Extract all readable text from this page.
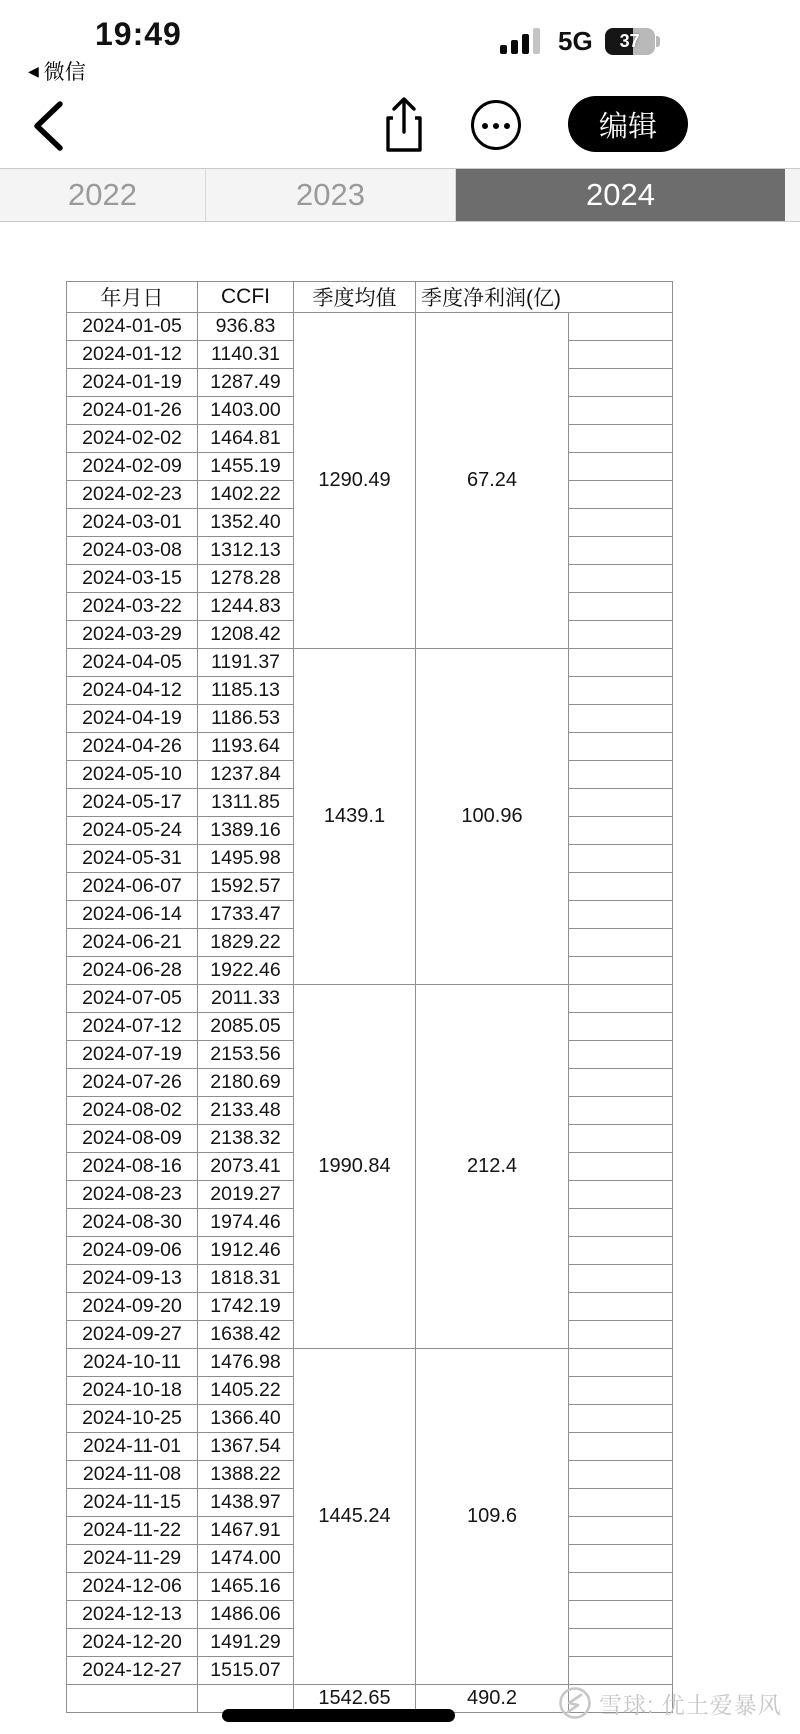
19:49	5G 37
◀ 微信
编辑
2022	2023	2024
年月日	CCFI	季度均值	季度净利润(亿)	
2024-01-05	936.83	1290.49	67.24	
2024-01-12	1140.31			
2024-01-19	1287.49			
2024-01-26	1403.00			
2024-02-02	1464.81			
2024-02-09	1455.19			
2024-02-23	1402.22			
2024-03-01	1352.40			
2024-03-08	1312.13			
2024-03-15	1278.28			
2024-03-22	1244.83			
2024-03-29	1208.42			
2024-04-05	1191.37	1439.1	100.96	
2024-04-12	1185.13			
2024-04-19	1186.53			
2024-04-26	1193.64			
2024-05-10	1237.84			
2024-05-17	1311.85			
2024-05-24	1389.16			
2024-05-31	1495.98			
2024-06-07	1592.57			
2024-06-14	1733.47			
2024-06-21	1829.22			
2024-06-28	1922.46			
2024-07-05	2011.33	1990.84	212.4	
2024-07-12	2085.05			
2024-07-19	2153.56			
2024-07-26	2180.69			
2024-08-02	2133.48			
2024-08-09	2138.32			
2024-08-16	2073.41			
2024-08-23	2019.27			
2024-08-30	1974.46			
2024-09-06	1912.46			
2024-09-13	1818.31			
2024-09-20	1742.19			
2024-09-27	1638.42			
2024-10-11	1476.98	1445.24	109.6	
2024-10-18	1405.22			
2024-10-25	1366.40			
2024-11-01	1367.54			
2024-11-08	1388.22			
2024-11-15	1438.97			
2024-11-22	1467.91			
2024-11-29	1474.00			
2024-12-06	1465.16			
2024-12-13	1486.06			
2024-12-20	1491.29			
2024-12-27	1515.07			
		1542.65	490.2		雪球: 优土爱暴风
